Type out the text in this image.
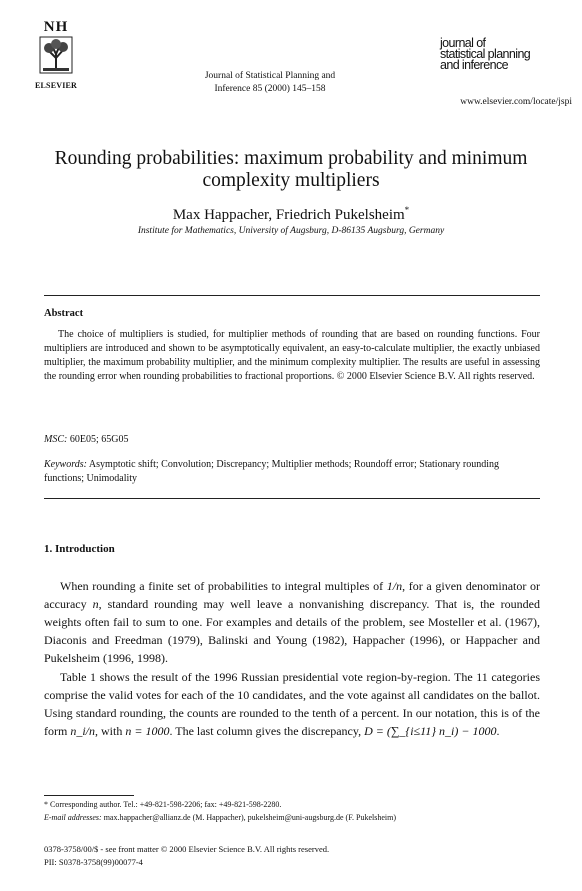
NH
ELSEVIER
Journal of Statistical Planning and
Inference 85 (2000) 145–158
journal of
statistical planning
and inference
www.elsevier.com/locate/jspi
Rounding probabilities: maximum probability and minimum
complexity multipliers
Max Happacher, Friedrich Pukelsheim*
Institute for Mathematics, University of Augsburg, D-86135 Augsburg, Germany
Abstract
The choice of multipliers is studied, for multiplier methods of rounding that are based on rounding functions. Four multipliers are introduced and shown to be asymptotically equivalent, an easy-to-calculate multiplier, the exactly unbiased multiplier, the maximum probability multiplier, and the minimum complexity multiplier. The results are useful in assessing the rounding error when rounding probabilities to fractional proportions. © 2000 Elsevier Science B.V. All rights reserved.
MSC: 60E05; 65G05
Keywords: Asymptotic shift; Convolution; Discrepancy; Multiplier methods; Roundoff error; Stationary rounding functions; Unimodality
1. Introduction
When rounding a finite set of probabilities to integral multiples of 1/n, for a given denominator or accuracy n, standard rounding may well leave a nonvanishing discrepancy. That is, the rounded weights often fail to sum to one. For examples and details of the problem, see Mosteller et al. (1967), Diaconis and Freedman (1979), Balinski and Young (1982), Happacher (1996), or Happacher and Pukelsheim (1996, 1998).
Table 1 shows the result of the 1996 Russian presidential vote region-by-region. The 11 categories comprise the valid votes for each of the 10 candidates, and the vote against all candidates on the ballot. Using standard rounding, the counts are rounded to the tenth of a percent. In our notation, this is of the form n_i/n, with n = 1000. The last column gives the discrepancy, D = (∑_{i≤11} n_i) − 1000.
* Corresponding author. Tel.: +49-821-598-2206; fax: +49-821-598-2280.
E-mail addresses: max.happacher@allianz.de (M. Happacher), pukelsheim@uni-augsburg.de (F. Pukelsheim)
0378-3758/00/$ - see front matter © 2000 Elsevier Science B.V. All rights reserved.
PII: S0378-3758(99)00077-4
